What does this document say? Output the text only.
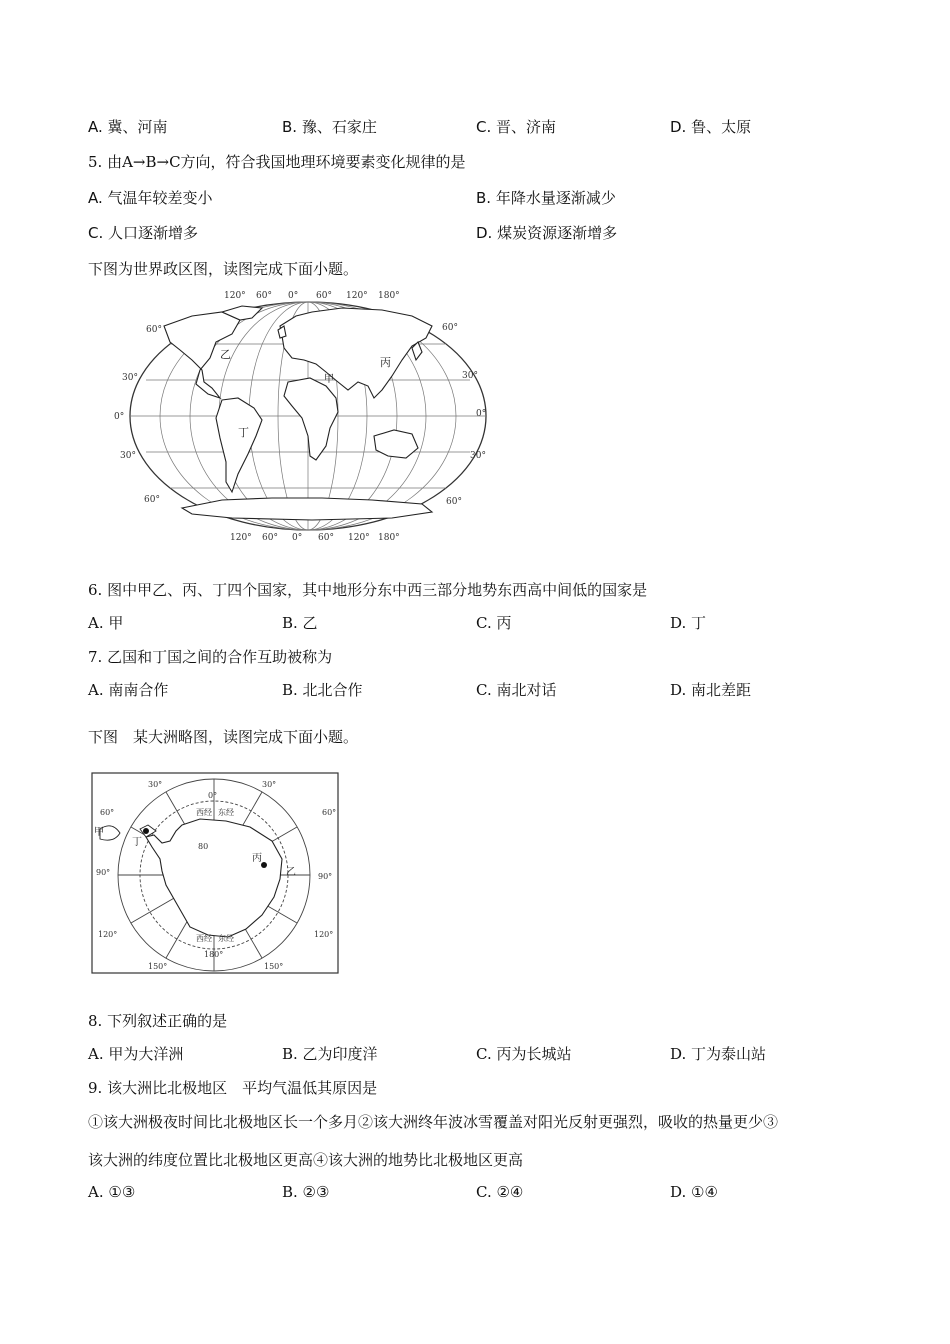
A. 冀、河南	B. 豫、石家庄	C. 晋、济南	D. 鲁、太原
5. 由A→B→C方向，符合我国地理环境要素变化规律的是
A. 气温年较差变小	B. 年降水量逐渐减少
C. 人口逐渐增多	D. 煤炭资源逐渐增多
下图为世界政区图，读图完成下面小题。
乙
甲
丙
丁
120° 60° 0° 60° 120° 180°
120° 60° 0° 60° 120° 180°
60°
30°
0°
30°
60°
60°
30°
0°
30°
60°
6. 图中甲乙、丙、丁四个国家，其中地形分东中西三部分地势东西高中间低的国家是
A. 甲	B. 乙	C. 丙	D. 丁
7. 乙国和丁国之间的合作互助被称为
A. 南南合作	B. 北北合作	C. 南北对话	D. 南北差距
下图　某大洲略图，读图完成下面小题。
甲
乙
丙
丁
30°
0°
30°
60°
90°
120°
60°
90°
120°
150°
180°
150°
西经 东经
西经 东经
80
8. 下列叙述正确的是
A. 甲为大洋洲	B. 乙为印度洋	C. 丙为长城站	D. 丁为泰山站
9. 该大洲比北极地区　平均气温低其原因是
①该大洲极夜时间比北极地区长一个多月②该大洲终年波冰雪覆盖对阳光反射更强烈，吸收的热量更少③
该大洲的纬度位置比北极地区更高④该大洲的地势比北极地区更高
A. ①③	B. ②③	C. ②④	D. ①④
